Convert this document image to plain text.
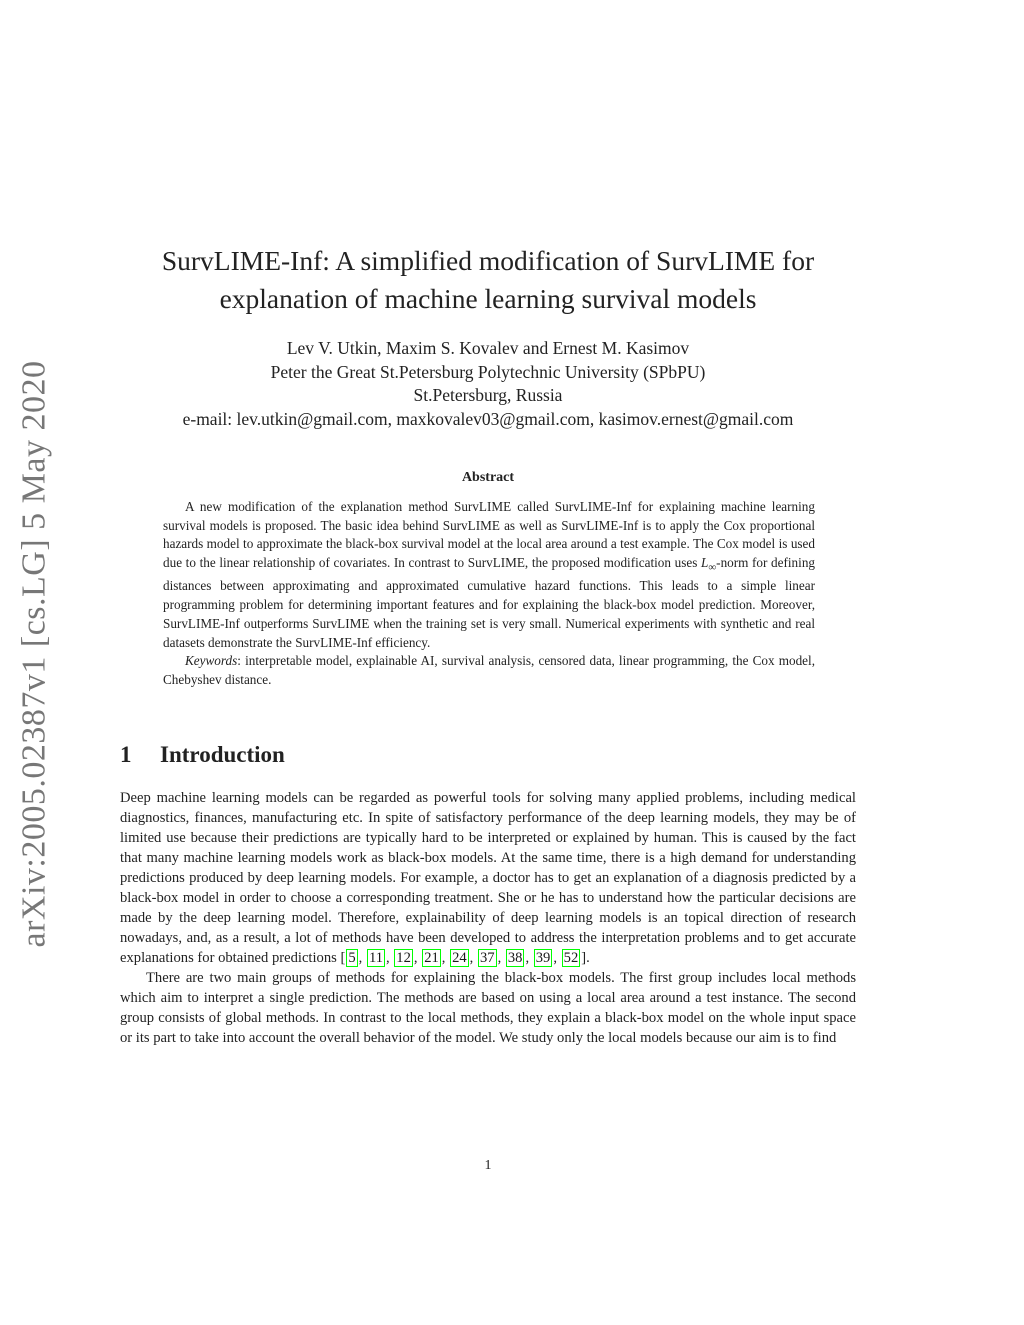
arXiv:2005.02387v1 [cs.LG] 5 May 2020
SurvLIME-Inf: A simplified modification of SurvLIME for
explanation of machine learning survival models
Lev V. Utkin, Maxim S. Kovalev and Ernest M. Kasimov
Peter the Great St.Petersburg Polytechnic University (SPbPU)
St.Petersburg, Russia
e-mail: lev.utkin@gmail.com, maxkovalev03@gmail.com, kasimov.ernest@gmail.com
Abstract

A new modification of the explanation method SurvLIME called SurvLIME-Inf for explaining machine learning survival models is proposed. The basic idea behind SurvLIME as well as SurvLIME-Inf is to apply the Cox proportional hazards model to approximate the black-box survival model at the local area around a test example. The Cox model is used due to the linear relationship of covariates. In contrast to SurvLIME, the proposed modification uses $L_\infty$-norm for defining distances between approximating and approximated cumulative hazard functions. This leads to a simple linear programming problem for determining important features and for explaining the black-box model prediction. Moreover, SurvLIME-Inf outperforms SurvLIME when the training set is very small. Numerical experiments with synthetic and real datasets demonstrate the SurvLIME-Inf efficiency.

Keywords: interpretable model, explainable AI, survival analysis, censored data, linear programming, the Cox model, Chebyshev distance.

1 Introduction

Deep machine learning models can be regarded as powerful tools for solving many applied problems, including medical diagnostics, finances, manufacturing etc. In spite of satisfactory performance of the deep learning models, they may be of limited use because their predictions are typically hard to be interpreted or explained by human. This is caused by the fact that many machine learning models work as black-box models. At the same time, there is a high demand for understanding predictions produced by deep learning models. For example, a doctor has to get an explanation of a diagnosis predicted by a black-box model in order to choose a corresponding treatment. She or he has to understand how the particular decisions are made by the deep learning model. Therefore, explainability of deep learning models is an topical direction of research nowadays, and, as a result, a lot of methods have been developed to address the interpretation problems and to get accurate explanations for obtained predictions [ 5 , 11 , 12 , 21 , 24 , 37 , 38 , 39 , 52 ].

There are two main groups of methods for explaining the black-box models. The first group includes local methods which aim to interpret a single prediction. The methods are based on using a local area around a test instance. The second group consists of global methods. In contrast to the local methods, they explain a black-box model on the whole input space or its part to take into account the overall behavior of the model. We study only the local models because our aim is to find

1
